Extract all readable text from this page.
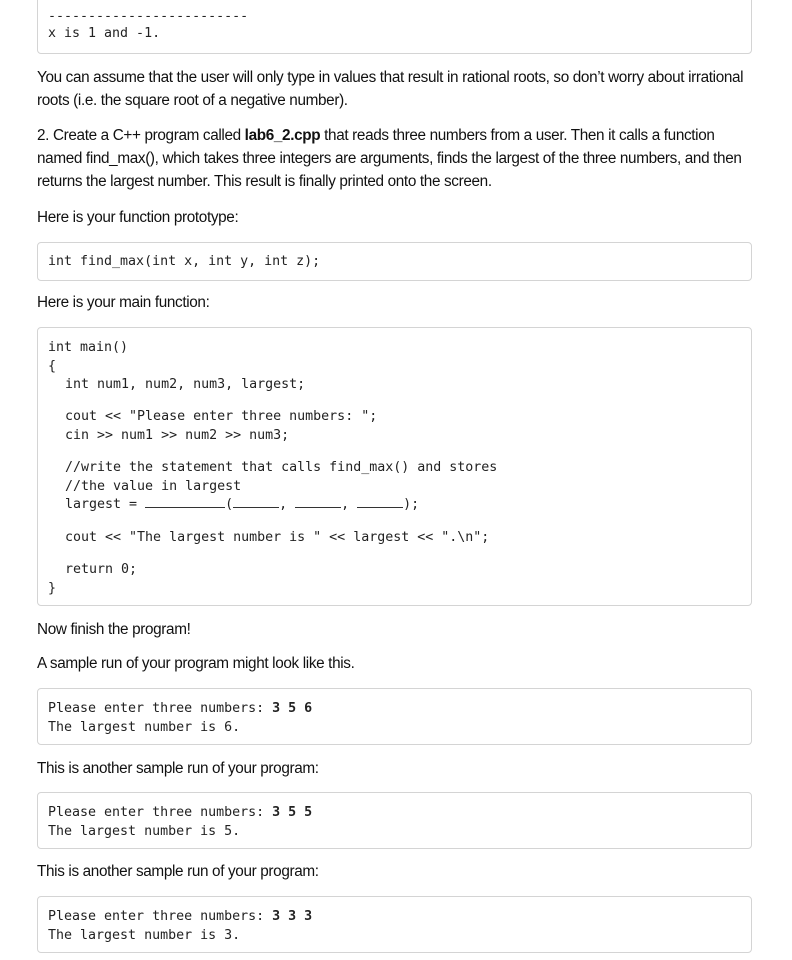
-------------------------
x is 1 and -1.

You can assume that the user will only type in values that result in rational roots, so don’t worry about irrational roots (i.e. the square root of a negative number).

2. Create a C++ program called lab6_2.cpp that reads three numbers from a user. Then it calls a function named find_max(), which takes three integers are arguments, finds the largest of the three numbers, and then returns the largest number. This result is finally printed onto the screen.

Here is your function prototype:

int find_max(int x, int y, int z);

Here is your main function:

int main()
{
int num1, num2, num3, largest;
cout << "Please enter three numbers: ";
cin >> num1 >> num2 >> num3;
//write the statement that calls find_max() and stores
//the value in largest
largest =	(	,	,	);
cout << "The largest number is " << largest << ".\n";
return 0;
}

Now finish the program!

A sample run of your program might look like this.

Please enter three numbers: 3 5 6
The largest number is 6.

This is another sample run of your program:

Please enter three numbers: 3 5 5
The largest number is 5.

This is another sample run of your program:

Please enter three numbers: 3 3 3
The largest number is 3.
